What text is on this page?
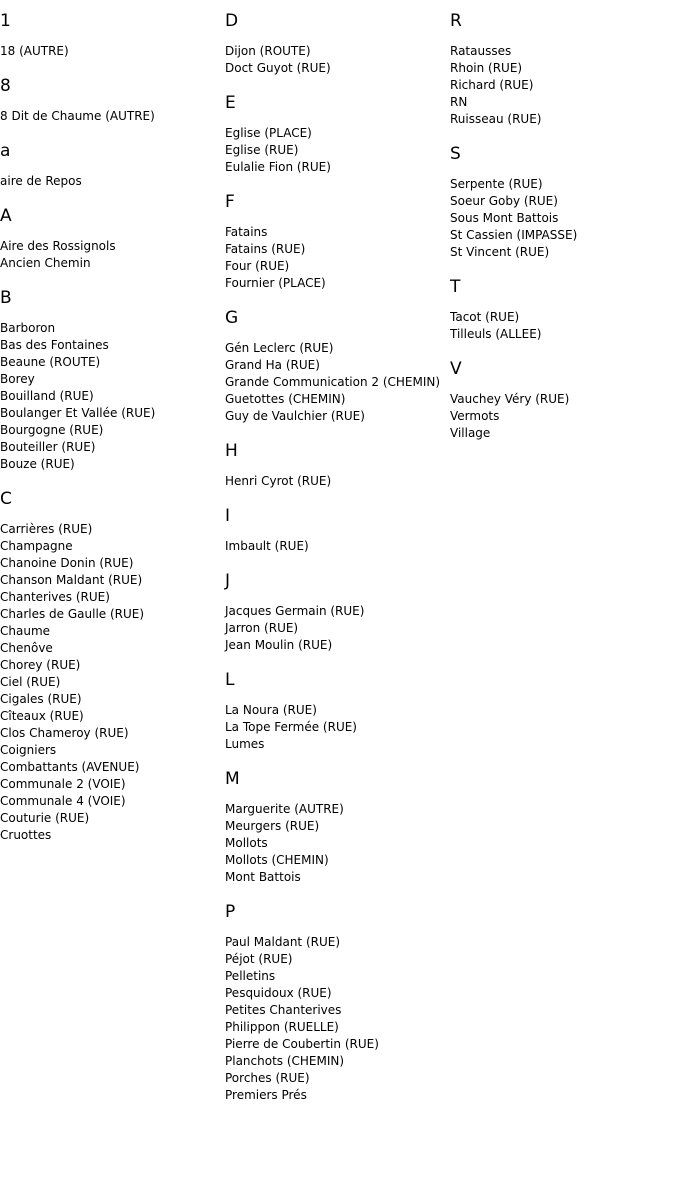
1
18 (AUTRE)
8
8 Dit de Chaume (AUTRE)
a
aire de Repos
A
Aire des Rossignols
Ancien Chemin
B
Barboron
Bas des Fontaines
Beaune (ROUTE)
Borey
Bouilland (RUE)
Boulanger Et Vallée (RUE)
Bourgogne (RUE)
Bouteiller (RUE)
Bouze (RUE)
C
Carrières (RUE)
Champagne
Chanoine Donin (RUE)
Chanson Maldant (RUE)
Chanterives (RUE)
Charles de Gaulle (RUE)
Chaume
Chenôve
Chorey (RUE)
Ciel (RUE)
Cigales (RUE)
Cîteaux (RUE)
Clos Chameroy (RUE)
Coigniers
Combattants (AVENUE)
Communale 2 (VOIE)
Communale 4 (VOIE)
Couturie (RUE)
Cruottes
D
Dijon (ROUTE)
Doct Guyot (RUE)
E
Eglise (PLACE)
Eglise (RUE)
Eulalie Fion (RUE)
F
Fatains
Fatains (RUE)
Four (RUE)
Fournier (PLACE)
G
Gén Leclerc (RUE)
Grand Ha (RUE)
Grande Communication 2 (CHEMIN)
Guetottes (CHEMIN)
Guy de Vaulchier (RUE)
H
Henri Cyrot (RUE)
I
Imbault (RUE)
J
Jacques Germain (RUE)
Jarron (RUE)
Jean Moulin (RUE)
L
La Noura (RUE)
La Tope Fermée (RUE)
Lumes
M
Marguerite (AUTRE)
Meurgers (RUE)
Mollots
Mollots (CHEMIN)
Mont Battois
P
Paul Maldant (RUE)
Péjot (RUE)
Pelletins
Pesquidoux (RUE)
Petites Chanterives
Philippon (RUELLE)
Pierre de Coubertin (RUE)
Planchots (CHEMIN)
Porches (RUE)
Premiers Prés
R
Ratausses
Rhoin (RUE)
Richard (RUE)
RN
Ruisseau (RUE)
S
Serpente (RUE)
Soeur Goby (RUE)
Sous Mont Battois
St Cassien (IMPASSE)
St Vincent (RUE)
T
Tacot (RUE)
Tilleuls (ALLEE)
V
Vauchey Véry (RUE)
Vermots
Village
